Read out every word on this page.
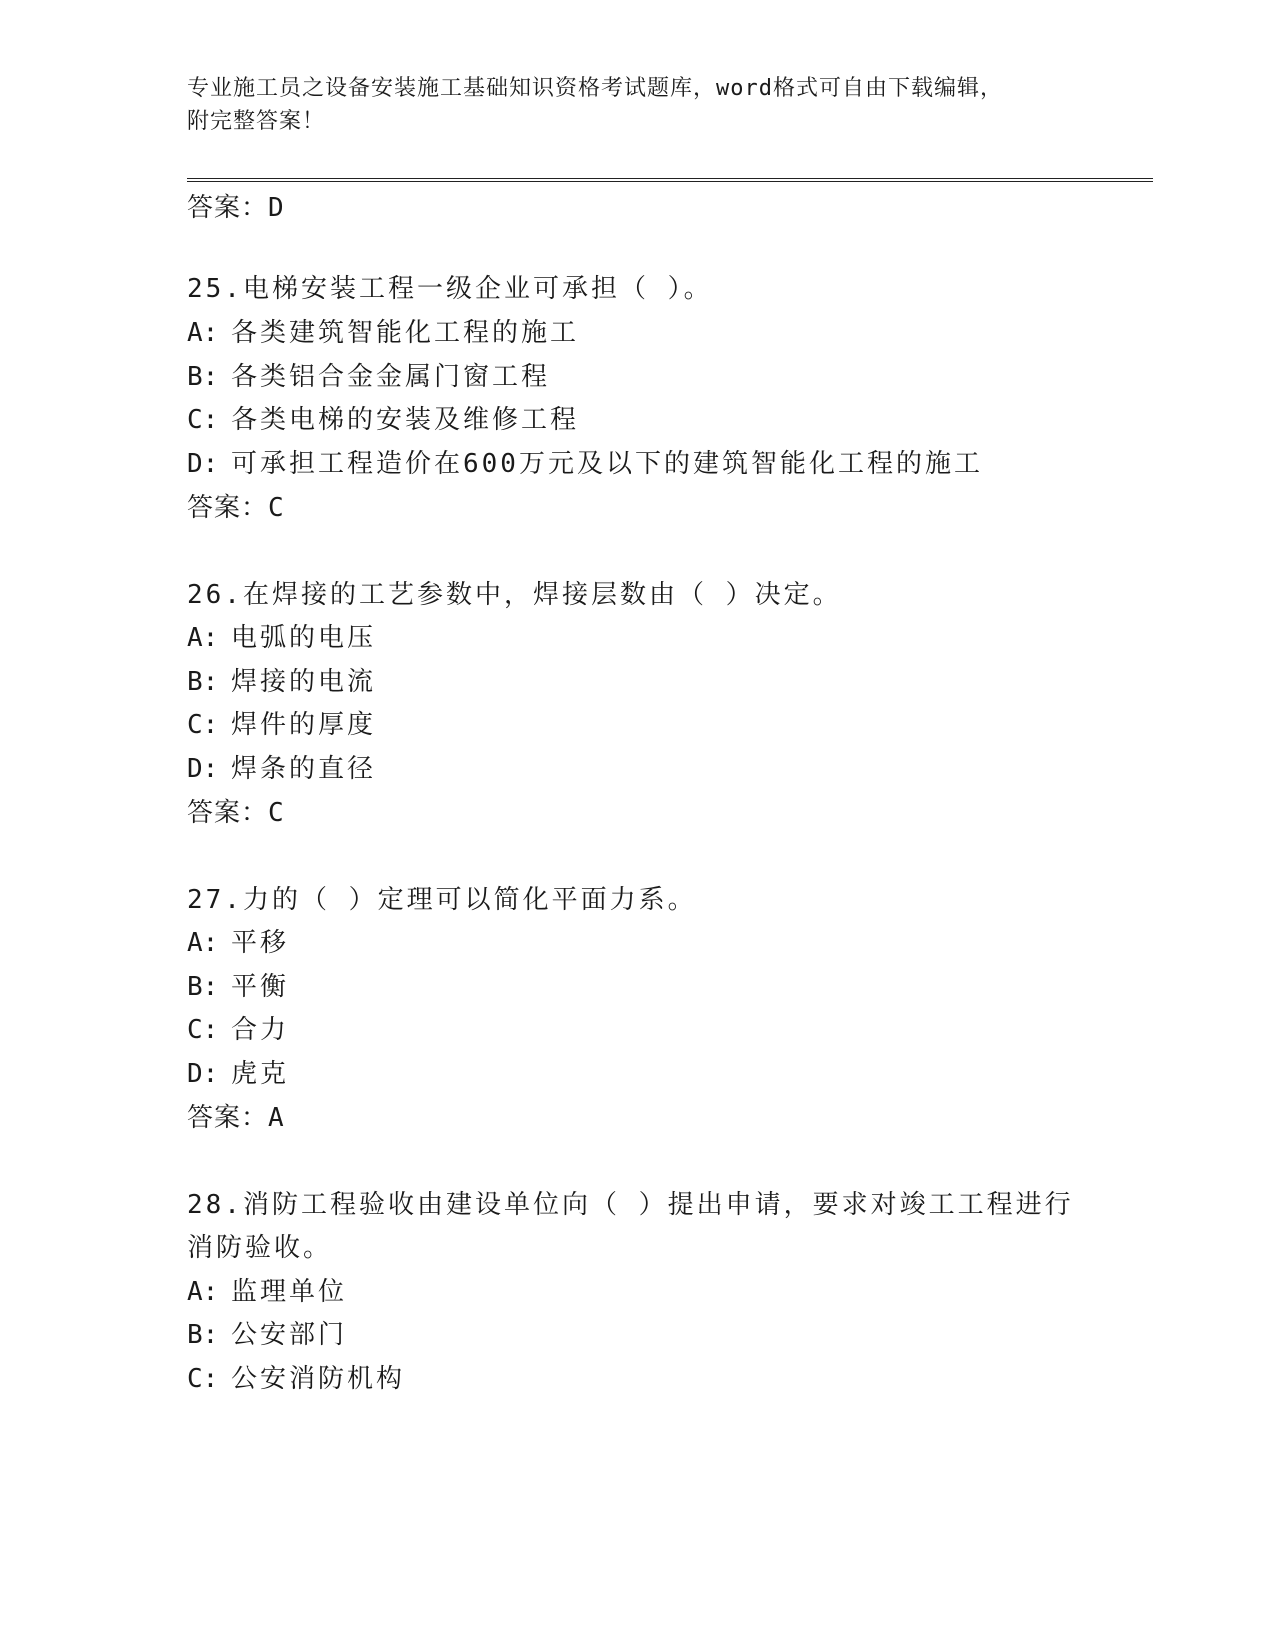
专业施工员之设备安装施工基础知识资格考试题库，word格式可自由下载编辑，
附完整答案！
答案：D
25.电梯安装工程一级企业可承担（ ）。
A: 各类建筑智能化工程的施工
B: 各类铝合金金属门窗工程
C: 各类电梯的安装及维修工程
D: 可承担工程造价在600万元及以下的建筑智能化工程的施工
答案：C
26.在焊接的工艺参数中，焊接层数由（ ）决定。
A: 电弧的电压
B: 焊接的电流
C: 焊件的厚度
D: 焊条的直径
答案：C
27.力的（ ）定理可以简化平面力系。
A: 平移
B: 平衡
C: 合力
D: 虎克
答案：A
28.消防工程验收由建设单位向（ ）提出申请，要求对竣工工程进行
消防验收。
A: 监理单位
B: 公安部门
C: 公安消防机构
